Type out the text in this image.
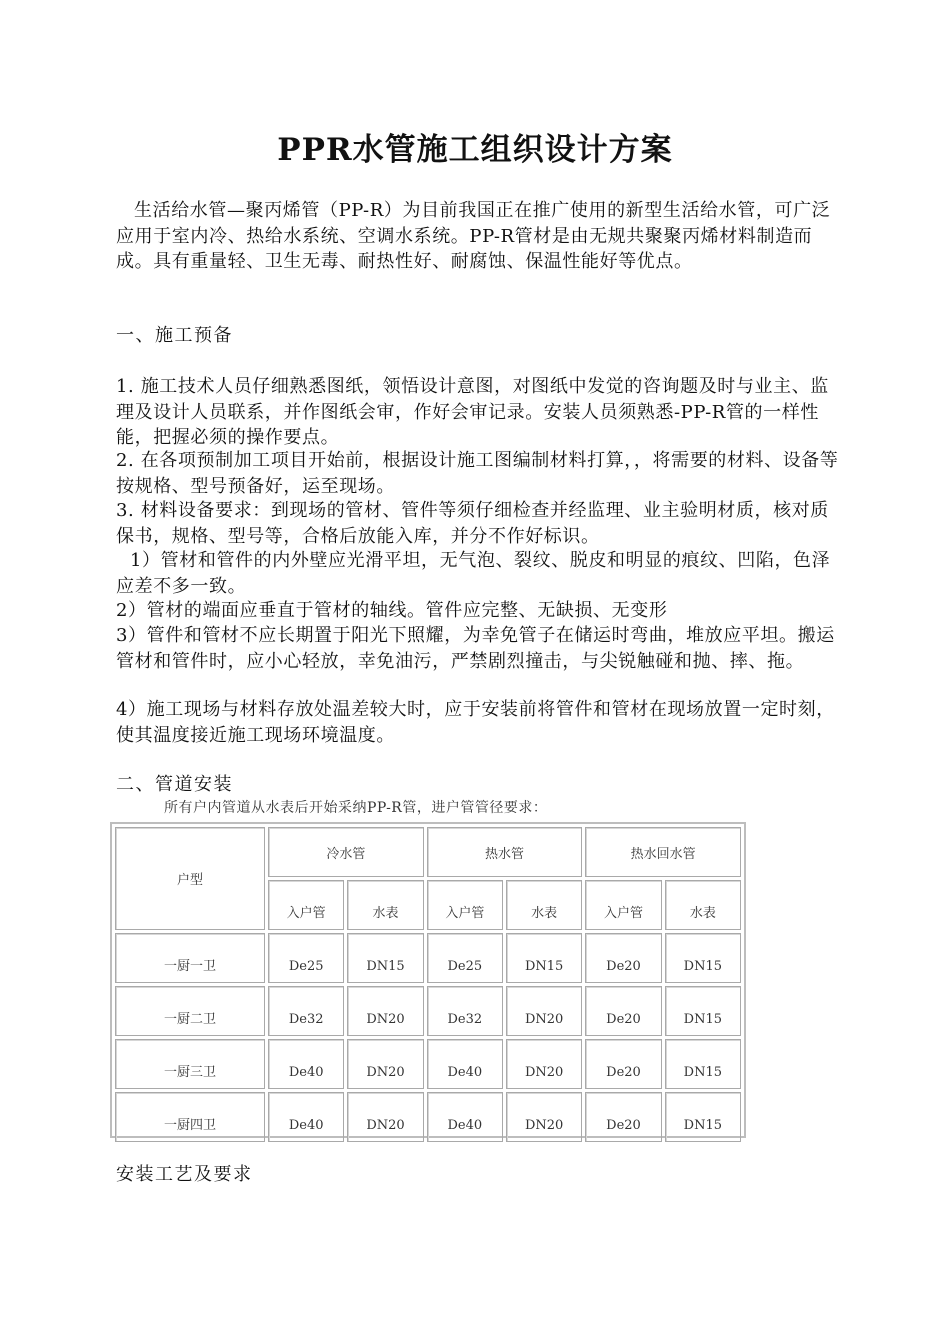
PPR水管施工组织设计方案

生活给水管—聚丙烯管（PP-R）为目前我国正在推广使用的新型生活给水管，可广泛应用于室内冷、热给水系统、空调水系统。PP-R管材是由无规共聚聚丙烯材料制造而成。具有重量轻、卫生无毒、耐热性好、耐腐蚀、保温性能好等优点。

一、施工预备

1. 施工技术人员仔细熟悉图纸，领悟设计意图，对图纸中发觉的咨询题及时与业主、监理及设计人员联系，并作图纸会审，作好会审记录。安装人员须熟悉-PP-R管的一样性能，把握必须的操作要点。

2. 在各项预制加工项目开始前，根据设计施工图编制材料打算，，将需要的材料、设备等按规格、型号预备好，运至现场。

3. 材料设备要求：到现场的管材、管件等须仔细检查并经监理、业主验明材质，核对质保书，规格、型号等，合格后放能入库，并分不作好标识。

1）管材和管件的内外壁应光滑平坦，无气泡、裂纹、脱皮和明显的痕纹、凹陷，色泽应差不多一致。

2）管材的端面应垂直于管材的轴线。管件应完整、无缺损、无变形

3）管件和管材不应长期置于阳光下照耀，为幸免管子在储运时弯曲，堆放应平坦。搬运管材和管件时，应小心轻放，幸免油污，严禁剧烈撞击，与尖锐触碰和抛、摔、拖。

4）施工现场与材料存放处温差较大时，应于安装前将管件和管材在现场放置一定时刻，使其温度接近施工现场环境温度。

二、管道安装
所有户内管道从水表后开始采纳PP-R管，进户管管径要求：
户型	冷水管		热水管		热水回水管	
	入户管	水表	入户管	水表	入户管	水表
一厨一卫	De25	DN15	De25	DN15	De20	DN15
一厨二卫	De32	DN20	De32	DN20	De20	DN15
一厨三卫	De40	DN20	De40	DN20	De20	DN15
一厨四卫	De40	DN20	De40	DN20	De20	DN15
安装工艺及要求
